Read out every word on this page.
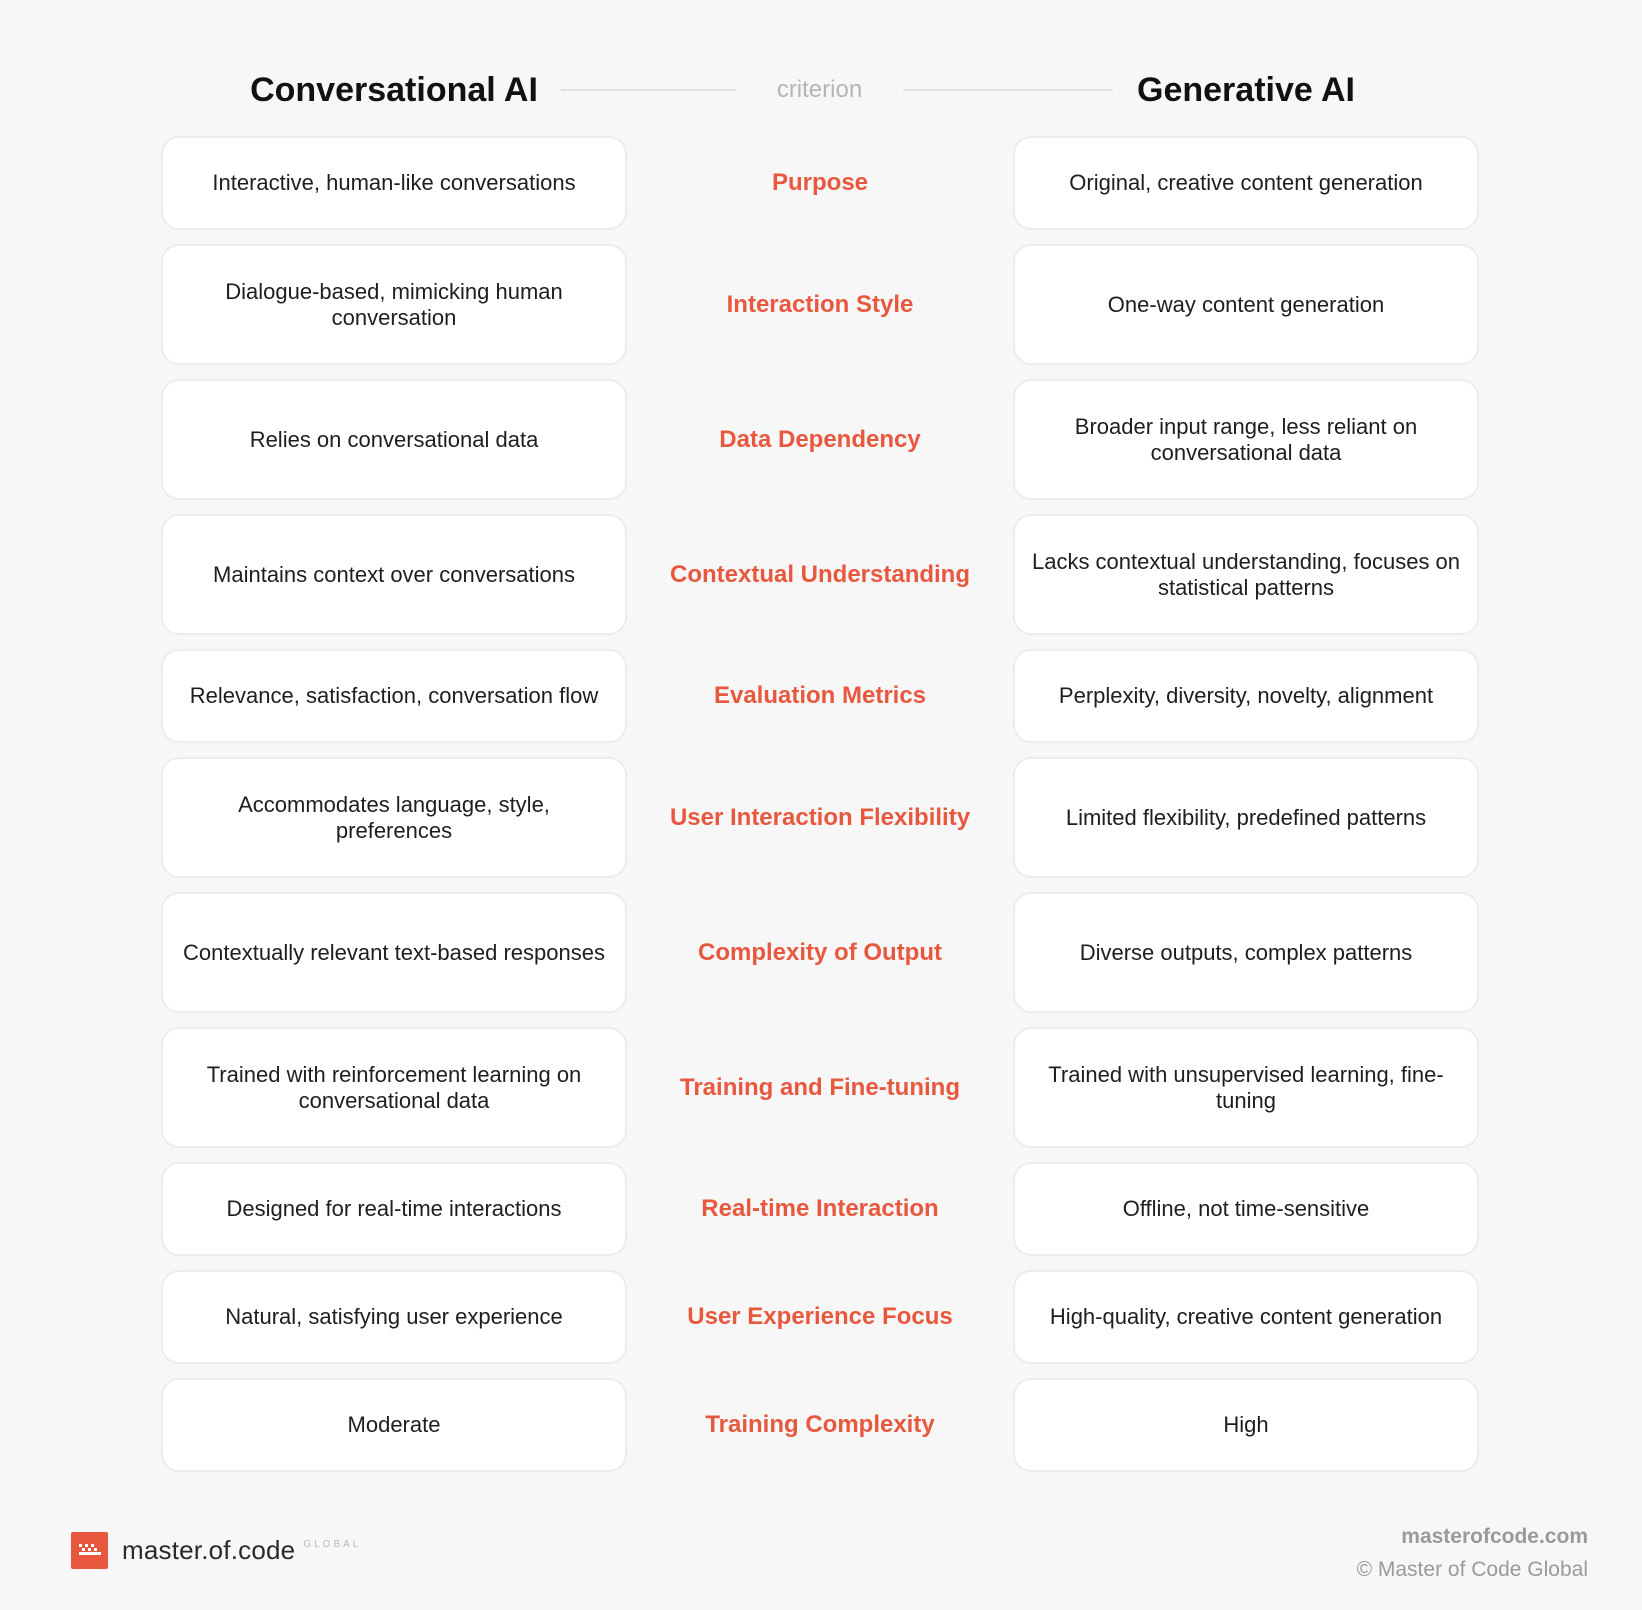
Conversational AI	criterion	Generative AI
Interactive, human-like conversations	Purpose	Original, creative content generation
Dialogue-based, mimicking human conversation	Interaction Style	One-way content generation
Relies on conversational data	Data Dependency	Broader input range, less reliant on conversational data
Maintains context over conversations	Contextual Understanding	Lacks contextual understanding, focuses on statistical patterns
Relevance, satisfaction, conversation flow	Evaluation Metrics	Perplexity, diversity, novelty, alignment
Accommodates language, style, preferences	User Interaction Flexibility	Limited flexibility, predefined patterns
Contextually relevant text-based responses	Complexity of Output	Diverse outputs, complex patterns
Trained with reinforcement learning on conversational data	Training and Fine-tuning	Trained with unsupervised learning, fine-tuning
Designed for real-time interactions	Real-time Interaction	Offline, not time-sensitive
Natural, satisfying user experience	User Experience Focus	High-quality, creative content generation
Moderate	Training Complexity	High
master.of.code GLOBAL	masterofcode.com
© Master of Code Global
